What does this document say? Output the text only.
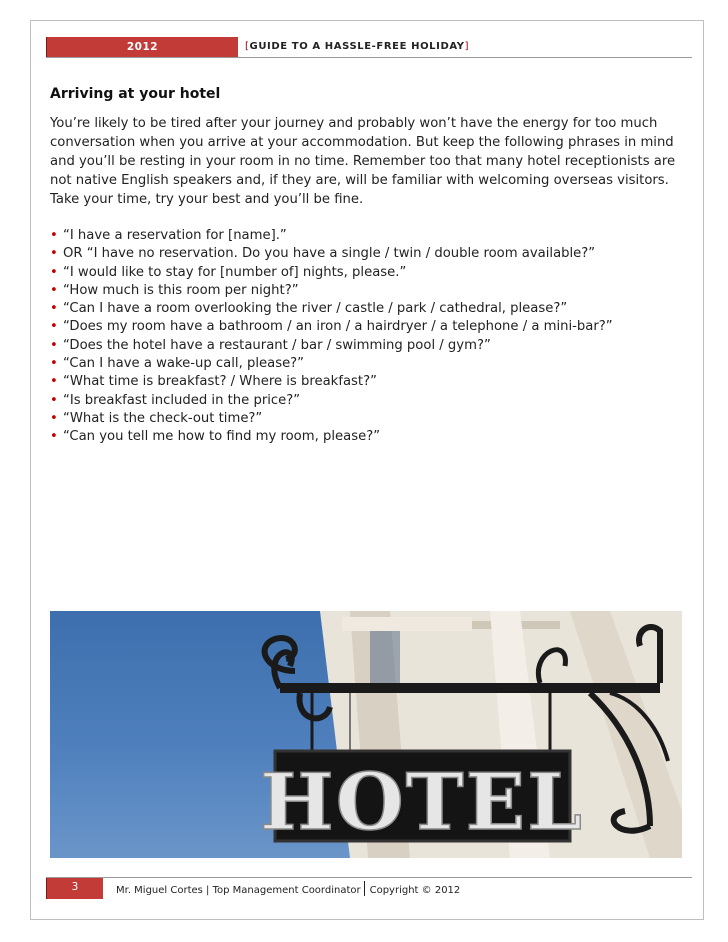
2012	[GUIDE TO A HASSLE-FREE HOLIDAY]
Arriving at your hotel

You’re likely to be tired after your journey and probably won’t have the energy for too much conversation when you arrive at your accommodation. But keep the following phrases in mind and you’ll be resting in your room in no time. Remember too that many hotel receptionists are not native English speakers and, if they are, will be familiar with welcoming overseas visitors. Take your time, try your best and you’ll be fine.

• “I have a reservation for [name].”
• OR “I have no reservation. Do you have a single / twin / double room available?”
• “I would like to stay for [number of] nights, please.”
• “How much is this room per night?”
• “Can I have a room overlooking the river / castle / park / cathedral, please?”
• “Does my room have a bathroom / an iron / a hairdryer / a telephone / a mini-bar?”
• “Does the hotel have a restaurant / bar / swimming pool / gym?”
• “Can I have a wake-up call, please?”
• “What time is breakfast? / Where is breakfast?”
• “Is breakfast included in the price?”
• “What is the check-out time?”
• “Can you tell me how to find my room, please?”
HOTEL
3	Mr. Miguel Cortes | Top Management Coordinator Copyright © 2012
